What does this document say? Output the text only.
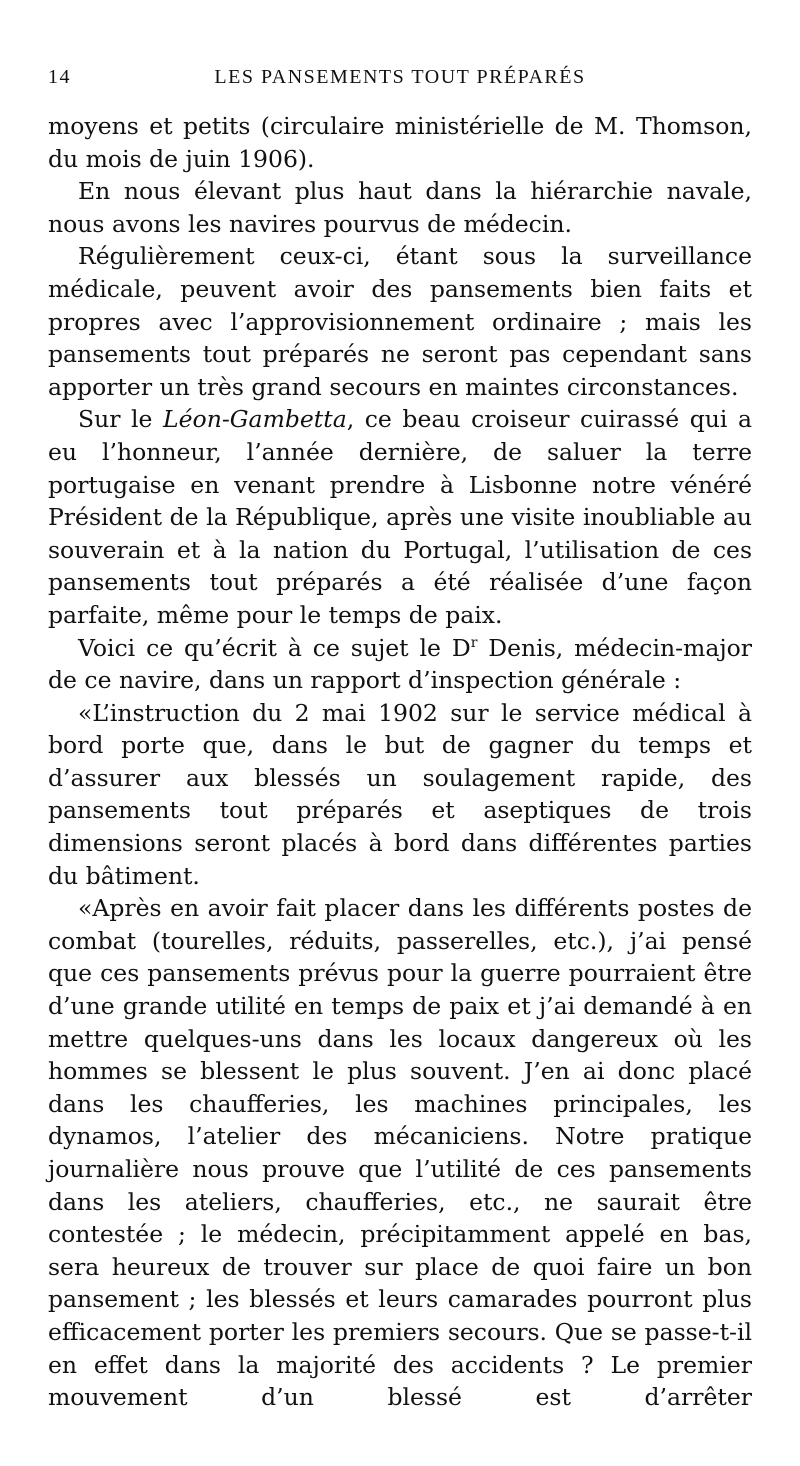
14	LES PANSEMENTS TOUT PRÉPARÉS

moyens et petits (circulaire ministérielle de M. Thomson, du mois de juin 1906).

En nous élevant plus haut dans la hiérarchie navale, nous avons les navires pourvus de médecin.

Régulièrement ceux-ci, étant sous la surveillance médicale, peuvent avoir des pansements bien faits et propres avec l’approvisionnement ordinaire ; mais les pansements tout préparés ne seront pas cependant sans apporter un très grand secours en maintes circonstances.

Sur le Léon-Gambetta, ce beau croiseur cuirassé qui a eu l’honneur, l’année dernière, de saluer la terre portugaise en venant prendre à Lisbonne notre vénéré Président de la République, après une visite inoubliable au souverain et à la nation du Portugal, l’utilisation de ces pansements tout préparés a été réalisée d’une façon parfaite, même pour le temps de paix.

Voici ce qu’écrit à ce sujet le $D^r$ Denis, médecin-major de ce navire, dans un rapport d’inspection générale :

«L’instruction du 2 mai 1902 sur le service médical à bord porte que, dans le but de gagner du temps et d’assurer aux blessés un soulagement rapide, des pansements tout préparés et aseptiques de trois dimensions seront placés à bord dans différentes parties du bâtiment.

«Après en avoir fait placer dans les différents postes de combat (tourelles, réduits, passerelles, etc.), j’ai pensé que ces pansements prévus pour la guerre pourraient être d’une grande utilité en temps de paix et j’ai demandé à en mettre quelques-uns dans les locaux dangereux où les hommes se blessent le plus souvent. J’en ai donc placé dans les chaufferies, les machines principales, les dynamos, l’atelier des mécaniciens. Notre pratique journalière nous prouve que l’utilité de ces pansements dans les ateliers, chaufferies, etc., ne saurait être contestée ; le médecin, précipitamment appelé en bas, sera heureux de trouver sur place de quoi faire un bon pansement ; les blessés et leurs camarades pourront plus efficacement porter les premiers secours. Que se passe-t-il en effet dans la majorité des accidents ? Le premier mouvement d’un blessé est d’arrêter
